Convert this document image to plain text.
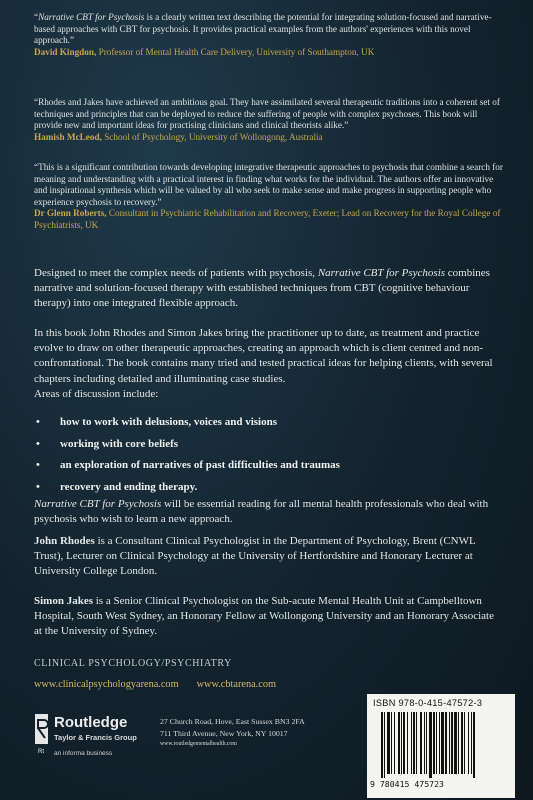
“Narrative CBT for Psychosis is a clearly written text describing the potential for integrating solution-focused and narrative-based approaches with CBT for psychosis. It provides practical examples from the authors' experiences with this novel approach.”

David Kingdon, Professor of Mental Health Care Delivery, University of Southampton, UK

“Rhodes and Jakes have achieved an ambitious goal. They have assimilated several therapeutic traditions into a coherent set of techniques and principles that can be deployed to reduce the suffering of people with complex psychoses. This book will provide new and important ideas for practising clinicians and clinical theorists alike.”

Hamish McLeod, School of Psychology, University of Wollongong, Australia

“This is a significant contribution towards developing integrative therapeutic approaches to psychosis that combine a search for meaning and understanding with a practical interest in finding what works for the individual. The authors offer an innovative and inspirational synthesis which will be valued by all who seek to make sense and make progress in supporting people who experience psychosis to recovery.”

Dr Glenn Roberts, Consultant in Psychiatric Rehabilitation and Recovery, Exeter; Lead on Recovery for the Royal College of Psychiatrists, UK

Designed to meet the complex needs of patients with psychosis, Narrative CBT for Psychosis combines narrative and solution-focused therapy with established techniques from CBT (cognitive behaviour therapy) into one integrated flexible approach.

In this book John Rhodes and Simon Jakes bring the practitioner up to date, as treatment and practice evolve to draw on other therapeutic approaches, creating an approach which is client centred and non-confrontational. The book contains many tried and tested practical ideas for helping clients, with several chapters including detailed and illuminating case studies.

Areas of discussion include:

• how to work with delusions, voices and visions
• working with core beliefs
• an exploration of narratives of past difficulties and traumas
• recovery and ending therapy.

Narrative CBT for Psychosis will be essential reading for all mental health professionals who deal with psychosis who wish to learn a new approach.

John Rhodes is a Consultant Clinical Psychologist in the Department of Psychology, Brent (CNWL Trust), Lecturer on Clinical Psychology at the University of Hertfordshire and Honorary Lecturer at University College London.

Simon Jakes is a Senior Clinical Psychologist on the Sub-acute Mental Health Unit at Campbelltown Hospital, South West Sydney, an Honorary Fellow at Wollongong University and an Honorary Associate at the University of Sydney.

CLINICAL PSYCHOLOGY/PSYCHIATRY
www.clinicalpsychologyarena.com www.cbtarena.com
Rt
Routledge
Taylor & Francis Group
an informa business
27 Church Road, Hove, East Sussex BN3 2FA
711 Third Avenue, New York, NY 10017
www.routledgementalhealth.com
ISBN 978-0-415-47572-3
9 780415 475723
